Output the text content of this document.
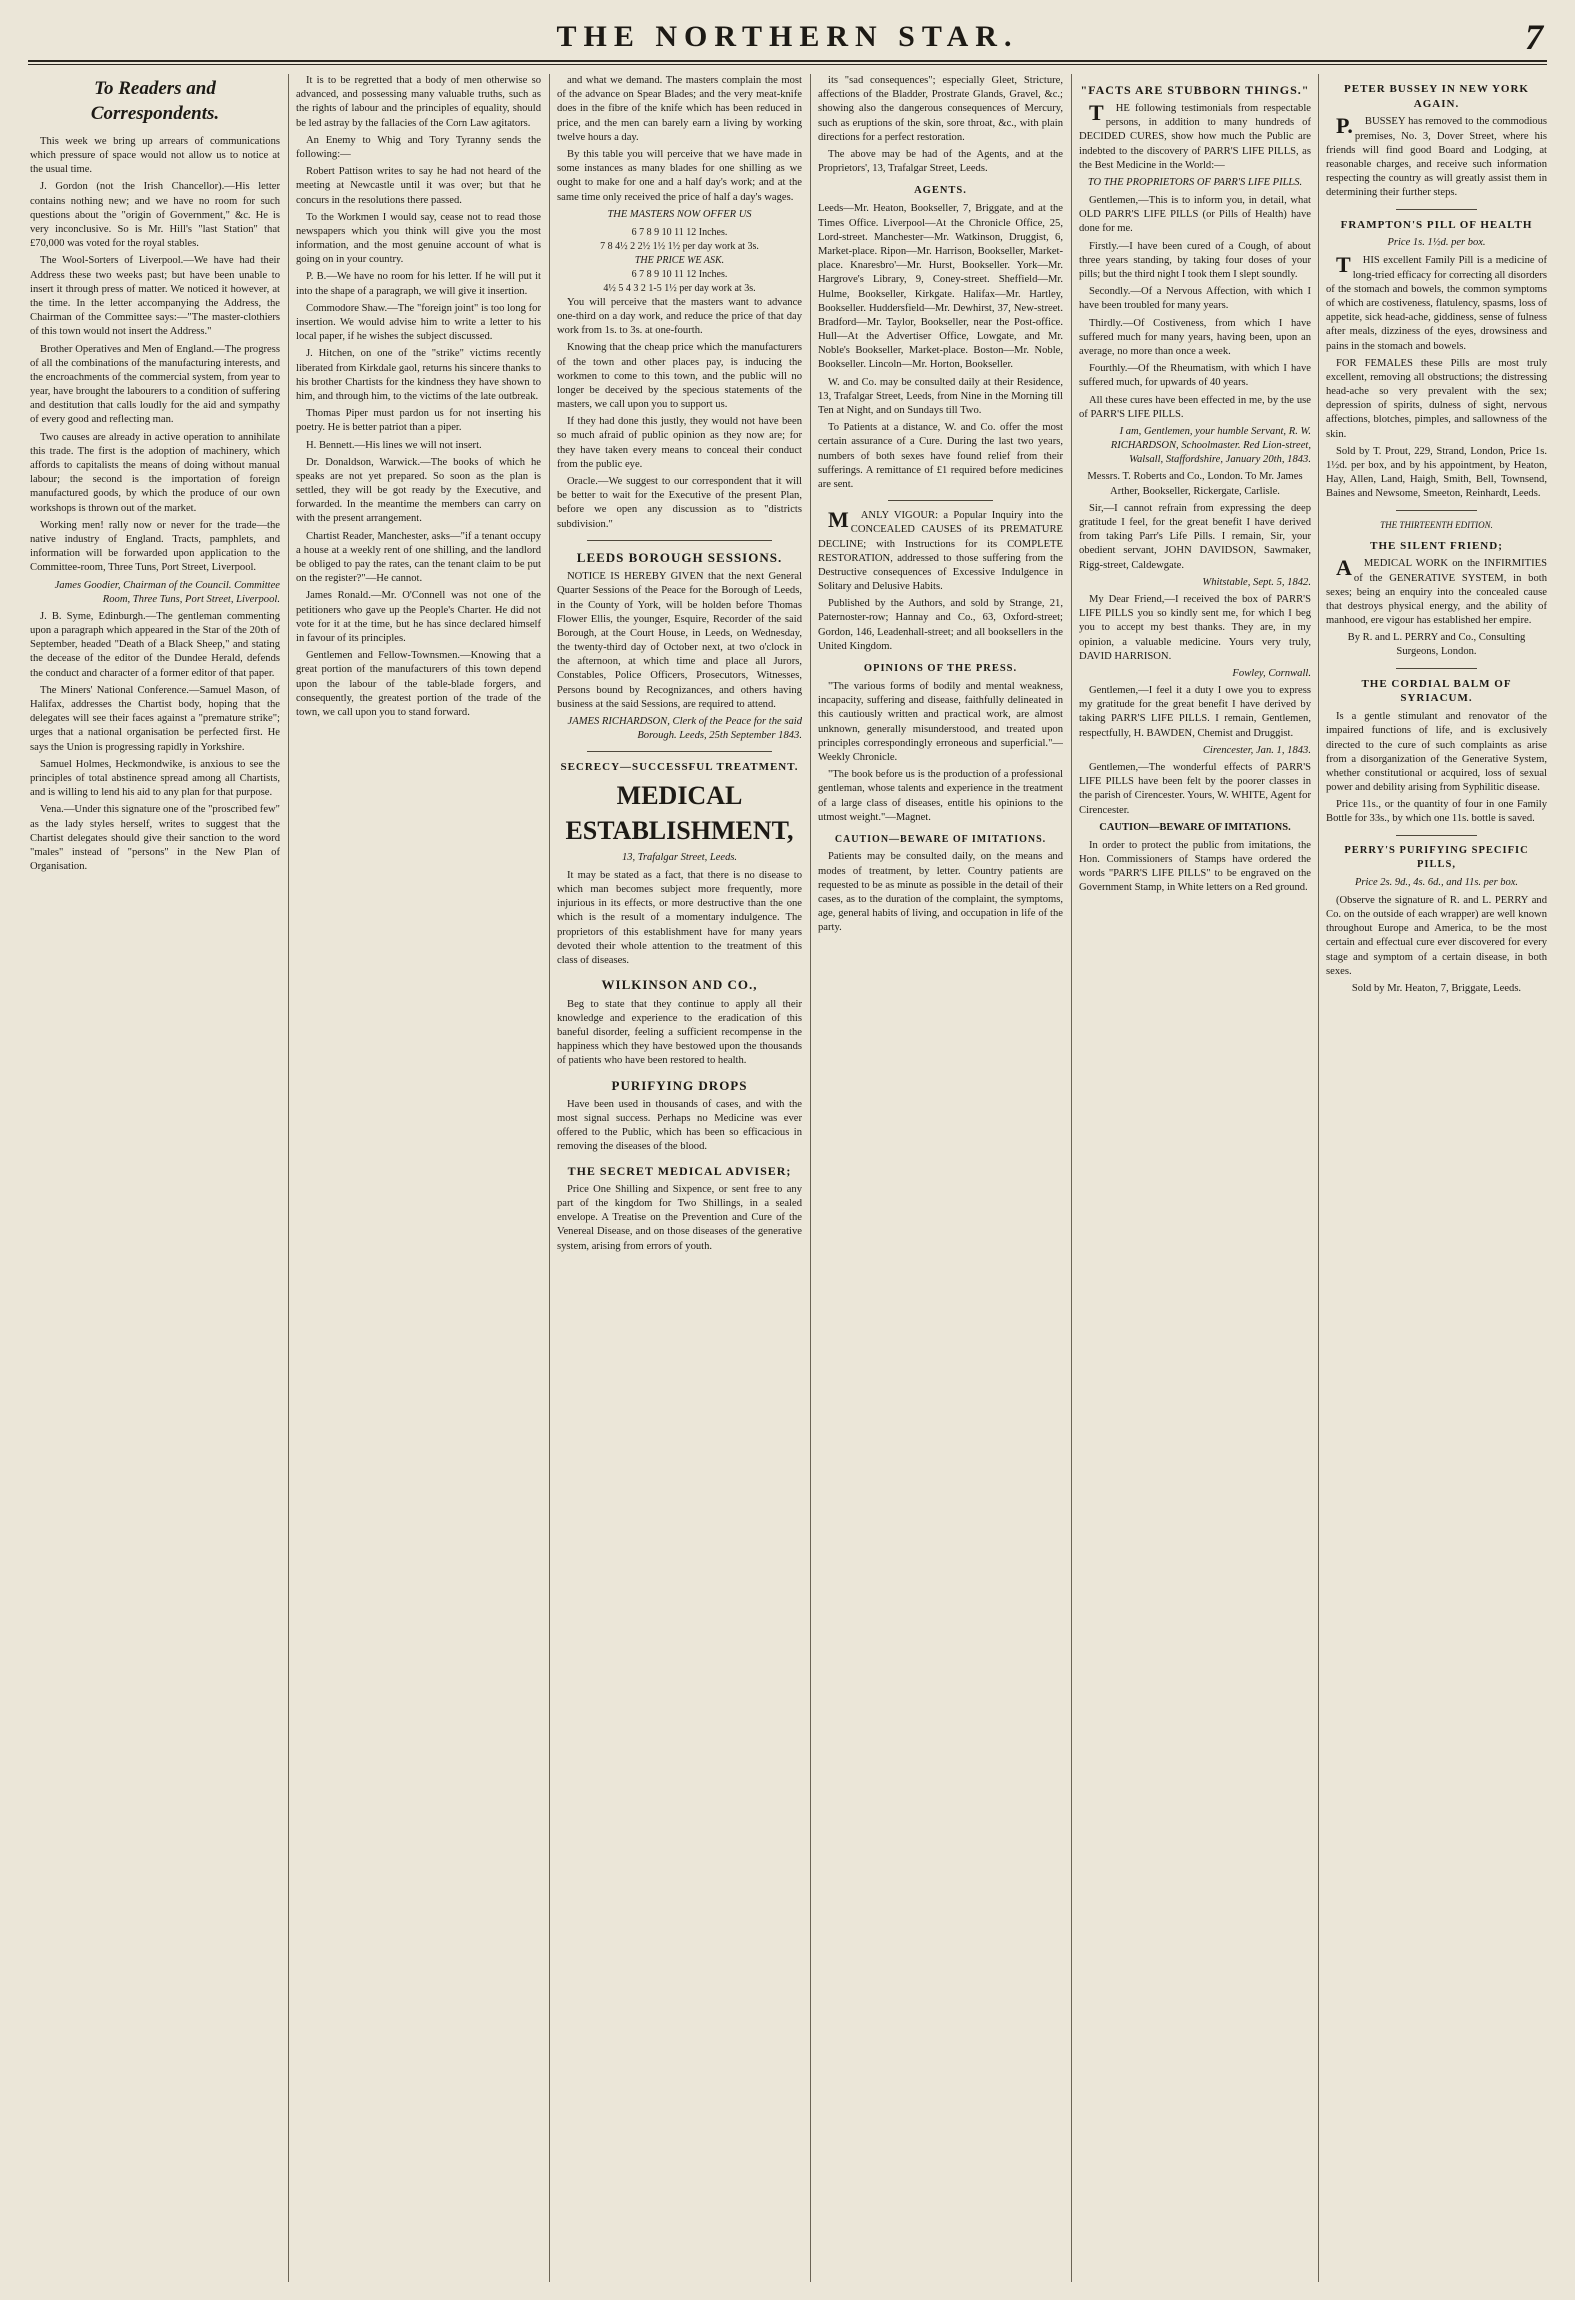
THE NORTHERN STAR.	7
To Readers and Correspondents.

This week we bring up arrears of communications which pressure of space would not allow us to notice at the usual time.

J. Gordon (not the Irish Chancellor).—His letter contains nothing new; and we have no room for such questions about the "origin of Government," &c. He is very inconclusive. So is Mr. Hill's "last Station" that £70,000 was voted for the royal stables.

The Wool-Sorters of Liverpool.—We have had their Address these two weeks past; but have been unable to insert it through press of matter. We noticed it however, at the time. In the letter accompanying the Address, the Chairman of the Committee says:—"The master-clothiers of this town would not insert the Address."

Brother Operatives and Men of England.—The progress of all the combinations of the manufacturing interests, and the encroachments of the commercial system, from year to year, have brought the labourers to a condition of suffering and destitution that calls loudly for the aid and sympathy of every good and reflecting man.

Two causes are already in active operation to annihilate this trade. The first is the adoption of machinery, which affords to capitalists the means of doing without manual labour; the second is the importation of foreign manufactured goods, by which the produce of our own workshops is thrown out of the market.

Working men! rally now or never for the trade—the native industry of England. Tracts, pamphlets, and information will be forwarded upon application to the Committee-room, Three Tuns, Port Street, Liverpool.

James Goodier, Chairman of the Council. Committee Room, Three Tuns, Port Street, Liverpool.

J. B. Syme, Edinburgh.—The gentleman commenting upon a paragraph which appeared in the Star of the 20th of September, headed "Death of a Black Sheep," and stating the decease of the editor of the Dundee Herald, defends the conduct and character of a former editor of that paper.

The Miners' National Conference.—Samuel Mason, of Halifax, addresses the Chartist body, hoping that the delegates will see their faces against a "premature strike"; urges that a national organisation be perfected first. He says the Union is progressing rapidly in Yorkshire.

Samuel Holmes, Heckmondwike, is anxious to see the principles of total abstinence spread among all Chartists, and is willing to lend his aid to any plan for that purpose.

Vena.—Under this signature one of the "proscribed few" as the lady styles herself, writes to suggest that the Chartist delegates should give their sanction to the word "males" instead of "persons" in the New Plan of Organisation.

It is to be regretted that a body of men otherwise so advanced, and possessing many valuable truths, such as the rights of labour and the principles of equality, should be led astray by the fallacies of the Corn Law agitators.

An Enemy to Whig and Tory Tyranny sends the following:—

Robert Pattison writes to say he had not heard of the meeting at Newcastle until it was over; but that he concurs in the resolutions there passed.

To the Workmen I would say, cease not to read those newspapers which you think will give you the most information, and the most genuine account of what is going on in your country.

P. B.—We have no room for his letter. If he will put it into the shape of a paragraph, we will give it insertion.

Commodore Shaw.—The "foreign joint" is too long for insertion. We would advise him to write a letter to his local paper, if he wishes the subject discussed.

J. Hitchen, on one of the "strike" victims recently liberated from Kirkdale gaol, returns his sincere thanks to his brother Chartists for the kindness they have shown to him, and through him, to the victims of the late outbreak.

Thomas Piper must pardon us for not inserting his poetry. He is better patriot than a piper.

H. Bennett.—His lines we will not insert.

Dr. Donaldson, Warwick.—The books of which he speaks are not yet prepared. So soon as the plan is settled, they will be got ready by the Executive, and forwarded. In the meantime the members can carry on with the present arrangement.

Chartist Reader, Manchester, asks—"if a tenant occupy a house at a weekly rent of one shilling, and the landlord be obliged to pay the rates, can the tenant claim to be put on the register?"—He cannot.

James Ronald.—Mr. O'Connell was not one of the petitioners who gave up the People's Charter. He did not vote for it at the time, but he has since declared himself in favour of its principles.

Gentlemen and Fellow-Townsmen.—Knowing that a great portion of the manufacturers of this town depend upon the labour of the table-blade forgers, and consequently, the greatest portion of the trade of the town, we call upon you to stand forward.

and what we demand. The masters complain the most of the advance on Spear Blades; and the very meat-knife does in the fibre of the knife which has been reduced in price, and the men can barely earn a living by working twelve hours a day.

By this table you will perceive that we have made in some instances as many blades for one shilling as we ought to make for one and a half day's work; and at the same time only received the price of half a day's wages.

THE MASTERS NOW OFFER US
6 7 8 9 10 11 12 Inches.
7 8 4½ 2 2½ 1½ 1½ per day work at 3s.
THE PRICE WE ASK.
6 7 8 9 10 11 12 Inches.
4½ 5 4 3 2 1-5 1½ per day work at 3s.

You will perceive that the masters want to advance one-third on a day work, and reduce the price of that day work from 1s. to 3s. at one-fourth.

Knowing that the cheap price which the manufacturers of the town and other places pay, is inducing the workmen to come to this town, and the public will no longer be deceived by the specious statements of the masters, we call upon you to support us.

If they had done this justly, they would not have been so much afraid of public opinion as they now are; for they have taken every means to conceal their conduct from the public eye.

Oracle.—We suggest to our correspondent that it will be better to wait for the Executive of the present Plan, before we open any discussion as to "districts subdivision."

LEEDS BOROUGH SESSIONS.

NOTICE IS HEREBY GIVEN that the next General Quarter Sessions of the Peace for the Borough of Leeds, in the County of York, will be holden before Thomas Flower Ellis, the younger, Esquire, Recorder of the said Borough, at the Court House, in Leeds, on Wednesday, the twenty-third day of October next, at two o'clock in the afternoon, at which time and place all Jurors, Constables, Police Officers, Prosecutors, Witnesses, Persons bound by Recognizances, and others having business at the said Sessions, are required to attend.

JAMES RICHARDSON, Clerk of the Peace for the said Borough. Leeds, 25th September 1843.

SECRECY—SUCCESSFUL TREATMENT.
MEDICAL ESTABLISHMENT,
13, Trafalgar Street, Leeds.

It may be stated as a fact, that there is no disease to which man becomes subject more frequently, more injurious in its effects, or more destructive than the one which is the result of a momentary indulgence. The proprietors of this establishment have for many years devoted their whole attention to the treatment of this class of diseases.

WILKINSON AND CO.,

Beg to state that they continue to apply all their knowledge and experience to the eradication of this baneful disorder, feeling a sufficient recompense in the happiness which they have bestowed upon the thousands of patients who have been restored to health.

PURIFYING DROPS

Have been used in thousands of cases, and with the most signal success. Perhaps no Medicine was ever offered to the Public, which has been so efficacious in removing the diseases of the blood.

THE SECRET MEDICAL ADVISER;

Price One Shilling and Sixpence, or sent free to any part of the kingdom for Two Shillings, in a sealed envelope. A Treatise on the Prevention and Cure of the Venereal Disease, and on those diseases of the generative system, arising from errors of youth.

its "sad consequences"; especially Gleet, Stricture, affections of the Bladder, Prostrate Glands, Gravel, &c.; showing also the dangerous consequences of Mercury, such as eruptions of the skin, sore throat, &c., with plain directions for a perfect restoration.

The above may be had of the Agents, and at the Proprietors', 13, Trafalgar Street, Leeds.

AGENTS.

Leeds—Mr. Heaton, Bookseller, 7, Briggate, and at the Times Office. Liverpool—At the Chronicle Office, 25, Lord-street. Manchester—Mr. Watkinson, Druggist, 6, Market-place. Ripon—Mr. Harrison, Bookseller, Market-place. Knaresbro'—Mr. Hurst, Bookseller. York—Mr. Hargrove's Library, 9, Coney-street. Sheffield—Mr. Hulme, Bookseller, Kirkgate. Halifax—Mr. Hartley, Bookseller. Huddersfield—Mr. Dewhirst, 37, New-street. Bradford—Mr. Taylor, Bookseller, near the Post-office. Hull—At the Advertiser Office, Lowgate, and Mr. Noble's Bookseller, Market-place. Boston—Mr. Noble, Bookseller. Lincoln—Mr. Horton, Bookseller.

W. and Co. may be consulted daily at their Residence, 13, Trafalgar Street, Leeds, from Nine in the Morning till Ten at Night, and on Sundays till Two.

To Patients at a distance, W. and Co. offer the most certain assurance of a Cure. During the last two years, numbers of both sexes have found relief from their sufferings. A remittance of £1 required before medicines are sent.

MANLY VIGOUR: a Popular Inquiry into the CONCEALED CAUSES of its PREMATURE DECLINE; with Instructions for its COMPLETE RESTORATION, addressed to those suffering from the Destructive consequences of Excessive Indulgence in Solitary and Delusive Habits.

Published by the Authors, and sold by Strange, 21, Paternoster-row; Hannay and Co., 63, Oxford-street; Gordon, 146, Leadenhall-street; and all booksellers in the United Kingdom.

OPINIONS OF THE PRESS.

"The various forms of bodily and mental weakness, incapacity, suffering and disease, faithfully delineated in this cautiously written and practical work, are almost unknown, generally misunderstood, and treated upon principles correspondingly erroneous and superficial."—Weekly Chronicle.

"The book before us is the production of a professional gentleman, whose talents and experience in the treatment of a large class of diseases, entitle his opinions to the utmost weight."—Magnet.

CAUTION—BEWARE OF IMITATIONS.

Patients may be consulted daily, on the means and modes of treatment, by letter. Country patients are requested to be as minute as possible in the detail of their cases, as to the duration of the complaint, the symptoms, age, general habits of living, and occupation in life of the party.

"FACTS ARE STUBBORN THINGS."

THE following testimonials from respectable persons, in addition to many hundreds of DECIDED CURES, show how much the Public are indebted to the discovery of PARR'S LIFE PILLS, as the Best Medicine in the World:—

TO THE PROPRIETORS OF PARR'S LIFE PILLS.

Gentlemen,—This is to inform you, in detail, what OLD PARR'S LIFE PILLS (or Pills of Health) have done for me.

Firstly.—I have been cured of a Cough, of about three years standing, by taking four doses of your pills; but the third night I took them I slept soundly.

Secondly.—Of a Nervous Affection, with which I have been troubled for many years.

Thirdly.—Of Costiveness, from which I have suffered much for many years, having been, upon an average, no more than once a week.

Fourthly.—Of the Rheumatism, with which I have suffered much, for upwards of 40 years.

All these cures have been effected in me, by the use of PARR'S LIFE PILLS.

I am, Gentlemen, your humble Servant, R. W. RICHARDSON, Schoolmaster. Red Lion-street, Walsall, Staffordshire, January 20th, 1843.

Messrs. T. Roberts and Co., London. To Mr. James Arther, Bookseller, Rickergate, Carlisle.

Sir,—I cannot refrain from expressing the deep gratitude I feel, for the great benefit I have derived from taking Parr's Life Pills. I remain, Sir, your obedient servant, JOHN DAVIDSON, Sawmaker, Rigg-street, Caldewgate.

Whitstable, Sept. 5, 1842.

My Dear Friend,—I received the box of PARR'S LIFE PILLS you so kindly sent me, for which I beg you to accept my best thanks. They are, in my opinion, a valuable medicine. Yours very truly, DAVID HARRISON.

Fowley, Cornwall.

Gentlemen,—I feel it a duty I owe you to express my gratitude for the great benefit I have derived by taking PARR'S LIFE PILLS. I remain, Gentlemen, respectfully, H. BAWDEN, Chemist and Druggist.

Cirencester, Jan. 1, 1843.

Gentlemen,—The wonderful effects of PARR'S LIFE PILLS have been felt by the poorer classes in the parish of Cirencester. Yours, W. WHITE, Agent for Cirencester.

CAUTION—BEWARE OF IMITATIONS.

In order to protect the public from imitations, the Hon. Commissioners of Stamps have ordered the words "PARR'S LIFE PILLS" to be engraved on the Government Stamp, in White letters on a Red ground.

PETER BUSSEY IN NEW YORK AGAIN.

P.BUSSEY has removed to the commodious premises, No. 3, Dover Street, where his friends will find good Board and Lodging, at reasonable charges, and receive such information respecting the country as will greatly assist them in determining their further steps.

FRAMPTON'S PILL OF HEALTH
Price 1s. 1½d. per box.

THIS excellent Family Pill is a medicine of long-tried efficacy for correcting all disorders of the stomach and bowels, the common symptoms of which are costiveness, flatulency, spasms, loss of appetite, sick head-ache, giddiness, sense of fulness after meals, dizziness of the eyes, drowsiness and pains in the stomach and bowels.

FOR FEMALES these Pills are most truly excellent, removing all obstructions; the distressing head-ache so very prevalent with the sex; depression of spirits, dulness of sight, nervous affections, blotches, pimples, and sallowness of the skin.

Sold by T. Prout, 229, Strand, London, Price 1s. 1½d. per box, and by his appointment, by Heaton, Hay, Allen, Land, Haigh, Smith, Bell, Townsend, Baines and Newsome, Smeeton, Reinhardt, Leeds.

THE THIRTEENTH EDITION.
THE SILENT FRIEND;

AMEDICAL WORK on the INFIRMITIES of the GENERATIVE SYSTEM, in both sexes; being an enquiry into the concealed cause that destroys physical energy, and the ability of manhood, ere vigour has established her empire.

By R. and L. PERRY and Co., Consulting Surgeons, London.

THE CORDIAL BALM OF SYRIACUM.

Is a gentle stimulant and renovator of the impaired functions of life, and is exclusively directed to the cure of such complaints as arise from a disorganization of the Generative System, whether constitutional or acquired, loss of sexual power and debility arising from Syphilitic disease.

Price 11s., or the quantity of four in one Family Bottle for 33s., by which one 11s. bottle is saved.

PERRY'S PURIFYING SPECIFIC PILLS,
Price 2s. 9d., 4s. 6d., and 11s. per box.

(Observe the signature of R. and L. PERRY and Co. on the outside of each wrapper) are well known throughout Europe and America, to be the most certain and effectual cure ever discovered for every stage and symptom of a certain disease, in both sexes.

Sold by Mr. Heaton, 7, Briggate, Leeds.
